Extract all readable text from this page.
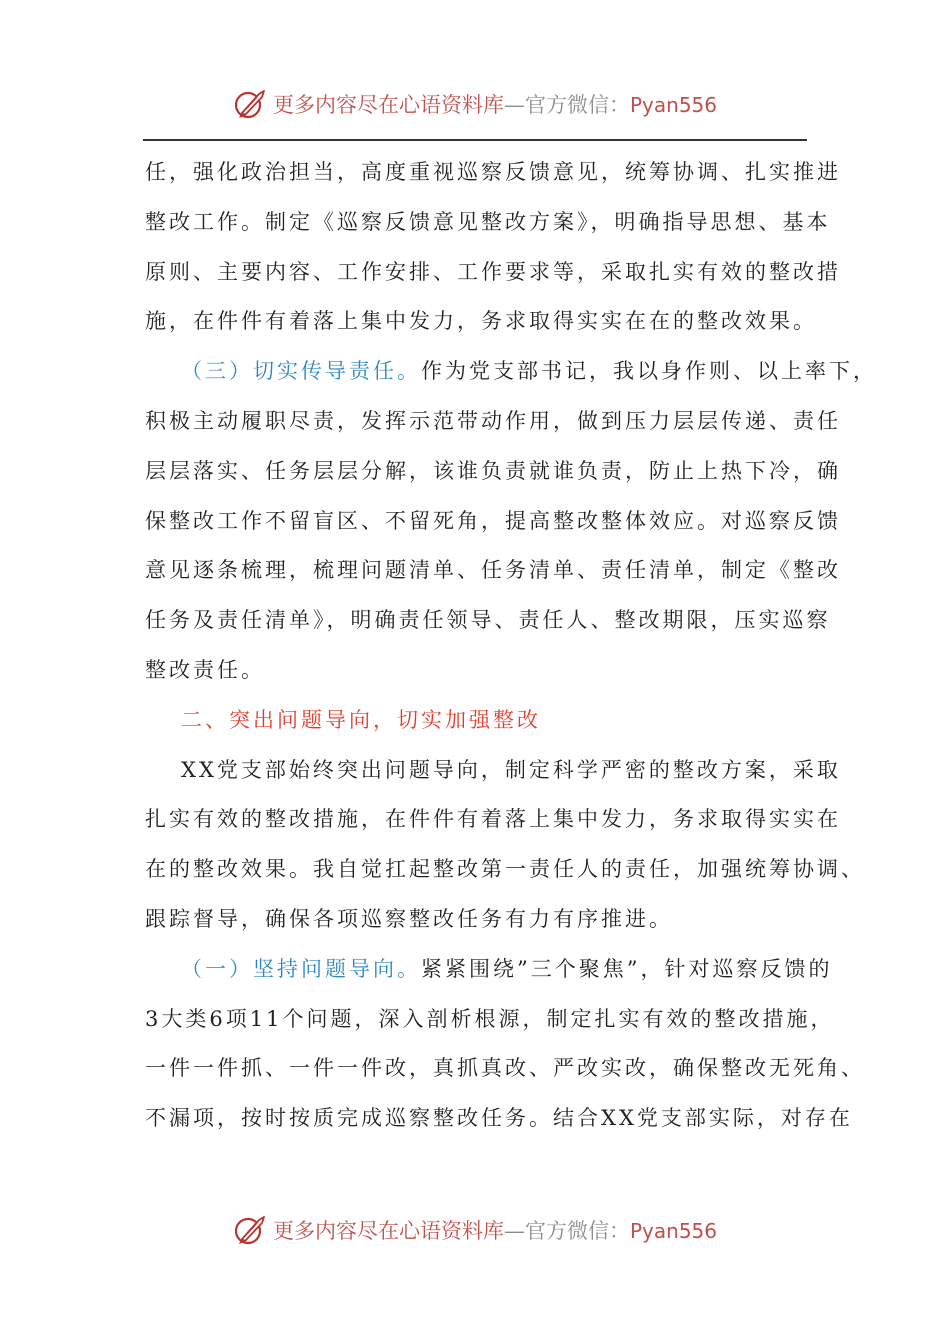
更多内容尽在心语资料库—官方微信：Pyan556
任，强化政治担当，高度重视巡察反馈意见，统筹协调、扎实推进
整改工作。制定《巡察反馈意见整改方案》，明确指导思想、基本
原则、主要内容、工作安排、工作要求等，采取扎实有效的整改措
施，在件件有着落上集中发力，务求取得实实在在的整改效果。
（三）切实传导责任。作为党支部书记，我以身作则、以上率下，
积极主动履职尽责，发挥示范带动作用，做到压力层层传递、责任
层层落实、任务层层分解，该谁负责就谁负责，防止上热下冷，确
保整改工作不留盲区、不留死角，提高整改整体效应。对巡察反馈
意见逐条梳理，梳理问题清单、任务清单、责任清单，制定《整改
任务及责任清单》，明确责任领导、责任人、整改期限，压实巡察
整改责任。
二、突出问题导向，切实加强整改
XX党支部始终突出问题导向，制定科学严密的整改方案，采取
扎实有效的整改措施，在件件有着落上集中发力，务求取得实实在
在的整改效果。我自觉扛起整改第一责任人的责任，加强统筹协调、
跟踪督导，确保各项巡察整改任务有力有序推进。
（一）坚持问题导向。紧紧围绕”三个聚焦”，针对巡察反馈的
3大类6项11个问题，深入剖析根源，制定扎实有效的整改措施，
一件一件抓、一件一件改，真抓真改、严改实改，确保整改无死角、
不漏项，按时按质完成巡察整改任务。结合XX党支部实际，对存在
更多内容尽在心语资料库—官方微信：Pyan556
